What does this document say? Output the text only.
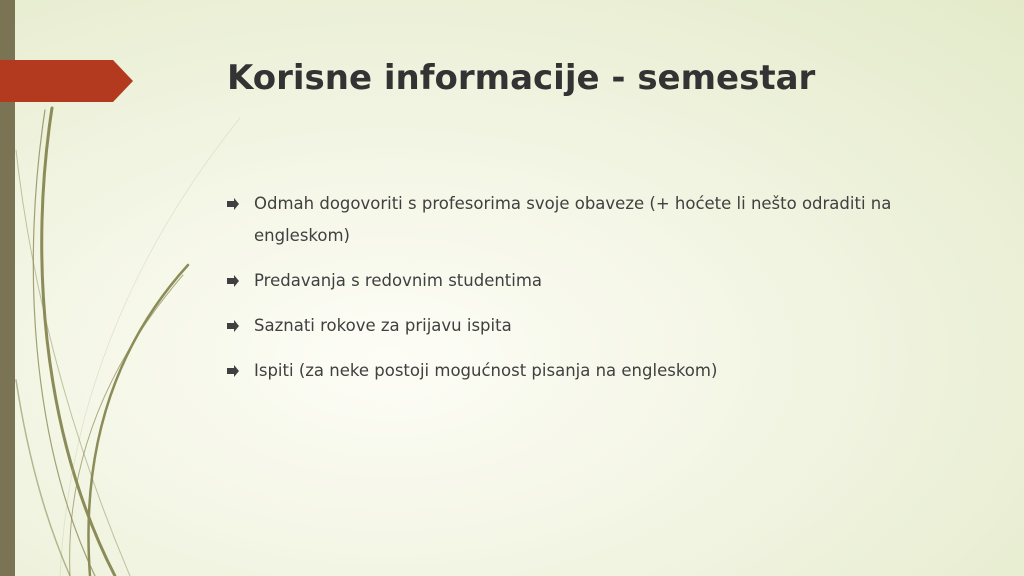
Korisne informacije - semestar
Odmah dogovoriti s profesorima svoje obaveze (+ hoćete li nešto odraditi na engleskom)
Predavanja s redovnim studentima
Saznati rokove za prijavu ispita
Ispiti (za neke postoji mogućnost pisanja na engleskom)
